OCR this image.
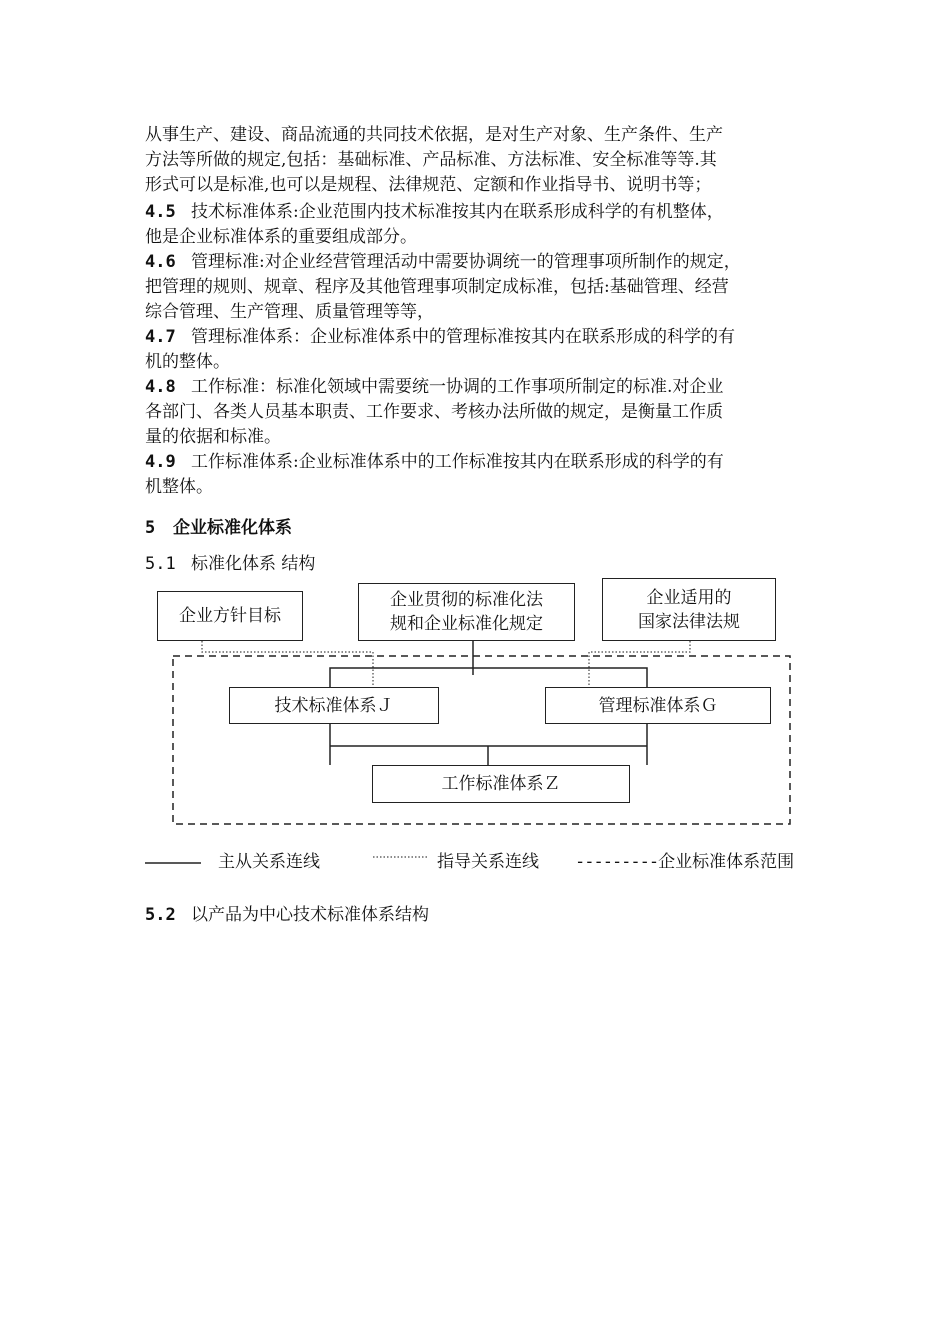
从事生产、建设、商品流通的共同技术依据，是对生产对象、生产条件、生产
方法等所做的规定,包括：基础标准、产品标准、方法标准、安全标准等等.其
形式可以是标准,也可以是规程、法律规范、定额和作业指导书、说明书等；
4.5 技术标准体系:企业范围内技术标准按其内在联系形成科学的有机整体，
他是企业标准体系的重要组成部分。
4.6 管理标准:对企业经营管理活动中需要协调统一的管理事项所制作的规定，
把管理的规则、规章、程序及其他管理事项制定成标准，包括:基础管理、经营
综合管理、生产管理、质量管理等等，
4.7 管理标准体系：企业标准体系中的管理标准按其内在联系形成的科学的有
机的整体。
4.8 工作标准：标准化领域中需要统一协调的工作事项所制定的标准.对企业
各部门、各类人员基本职责、工作要求、考核办法所做的规定，是衡量工作质
量的依据和标准。
4.9 工作标准体系:企业标准体系中的工作标准按其内在联系形成的科学的有
机整体。
5 企业标准化体系
5.1 标准化体系 结构
企业方针目标
企业贯彻的标准化法
规和企业标准化规定
企业适用的
国家法律法规
技术标准体系Ｊ	管理标准体系Ｇ
工作标准体系Ｚ
主从关系连线	指导关系连线 ---------企业标准体系范围
5.2 以产品为中心技术标准体系结构
